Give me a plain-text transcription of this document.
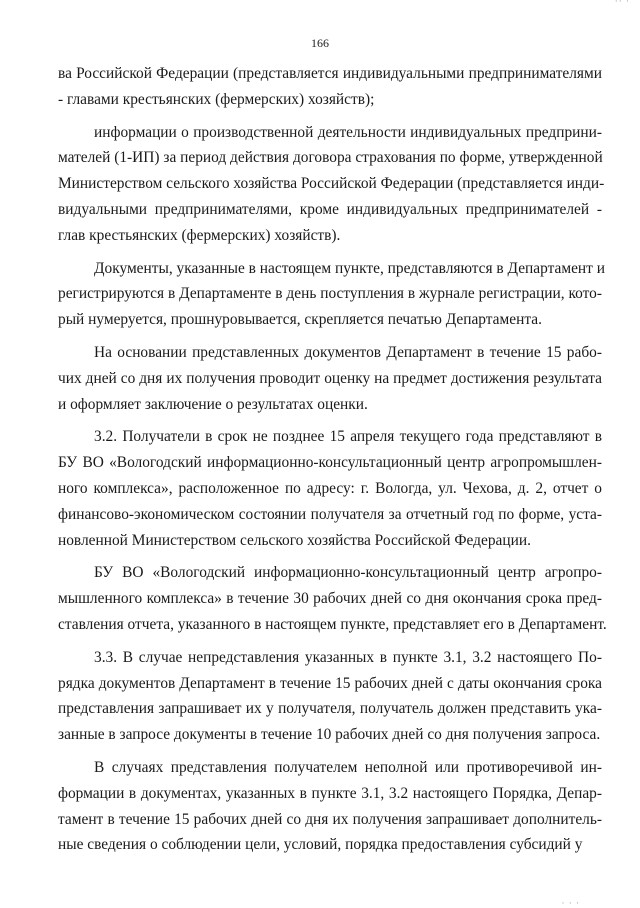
·· ·
166
ва Российской Федерации (представляется индивидуальными предпринимателями
- главами крестьянских (фермерских) хозяйств);
информации о производственной деятельности индивидуальных предприни-
мателей (1-ИП) за период действия договора страхования по форме, утвержденной
Министерством сельского хозяйства Российской Федерации (представляется инди-
видуальными предпринимателями, кроме индивидуальных предпринимателей -
глав крестьянских (фермерских) хозяйств).
Документы, указанные в настоящем пункте, представляются в Департамент и
регистрируются в Департаменте в день поступления в журнале регистрации, кото-
рый нумеруется, прошнуровывается, скрепляется печатью Департамента.
На основании представленных документов Департамент в течение 15 рабо-
чих дней со дня их получения проводит оценку на предмет достижения результата
и оформляет заключение о результатах оценки.
3.2. Получатели в срок не позднее 15 апреля текущего года представляют в
БУ ВО «Вологодский информационно-консультационный центр агропромышлен-
ного комплекса», расположенное по адресу: г. Вологда, ул. Чехова, д. 2, отчет о
финансово-экономическом состоянии получателя за отчетный год по форме, уста-
новленной Министерством сельского хозяйства Российской Федерации.
БУ ВО «Вологодский информационно-консультационный центр агропро-
мышленного комплекса» в течение 30 рабочих дней со дня окончания срока пред-
ставления отчета, указанного в настоящем пункте, представляет его в Департамент.
3.3. В случае непредставления указанных в пункте 3.1, 3.2 настоящего По-
рядка документов Департамент в течение 15 рабочих дней с даты окончания срока
представления запрашивает их у получателя, получатель должен представить ука-
занные в запросе документы в течение 10 рабочих дней со дня получения запроса.
В случаях представления получателем неполной или противоречивой ин-
формации в документах, указанных в пункте 3.1, 3.2 настоящего Порядка, Депар-
тамент в течение 15 рабочих дней со дня их получения запрашивает дополнитель-
ные сведения о соблюдении цели, условий, порядка предоставления субсидий у
· · ·
